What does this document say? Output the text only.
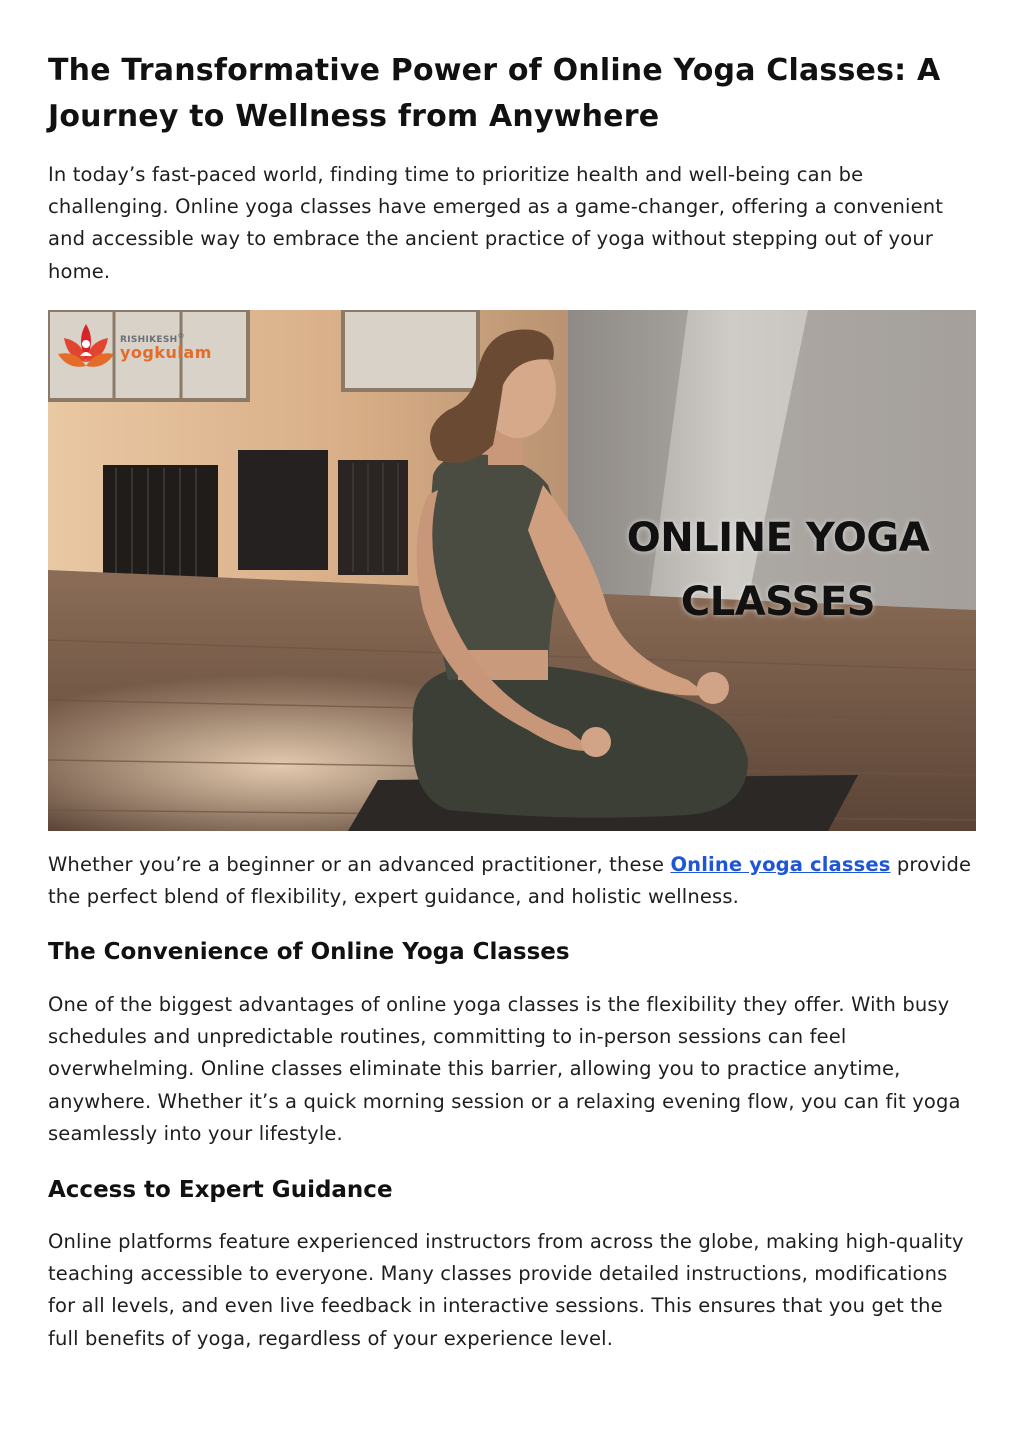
The Transformative Power of Online Yoga Classes: A Journey to Wellness from Anywhere

In today’s fast-paced world, finding time to prioritize health and well-being can be challenging. Online yoga classes have emerged as a game-changer, offering a convenient and accessible way to embrace the ancient practice of yoga without stepping out of your home.

ONLINE YOGA
CLASSES
RISHIKESH®
yogkulam

Whether you’re a beginner or an advanced practitioner, these Online yoga classes provide the perfect blend of flexibility, expert guidance, and holistic wellness.

The Convenience of Online Yoga Classes

One of the biggest advantages of online yoga classes is the flexibility they offer. With busy schedules and unpredictable routines, committing to in-person sessions can feel overwhelming. Online classes eliminate this barrier, allowing you to practice anytime, anywhere. Whether it’s a quick morning session or a relaxing evening flow, you can fit yoga seamlessly into your lifestyle.

Access to Expert Guidance

Online platforms feature experienced instructors from across the globe, making high-quality teaching accessible to everyone. Many classes provide detailed instructions, modifications for all levels, and even live feedback in interactive sessions. This ensures that you get the full benefits of yoga, regardless of your experience level.
